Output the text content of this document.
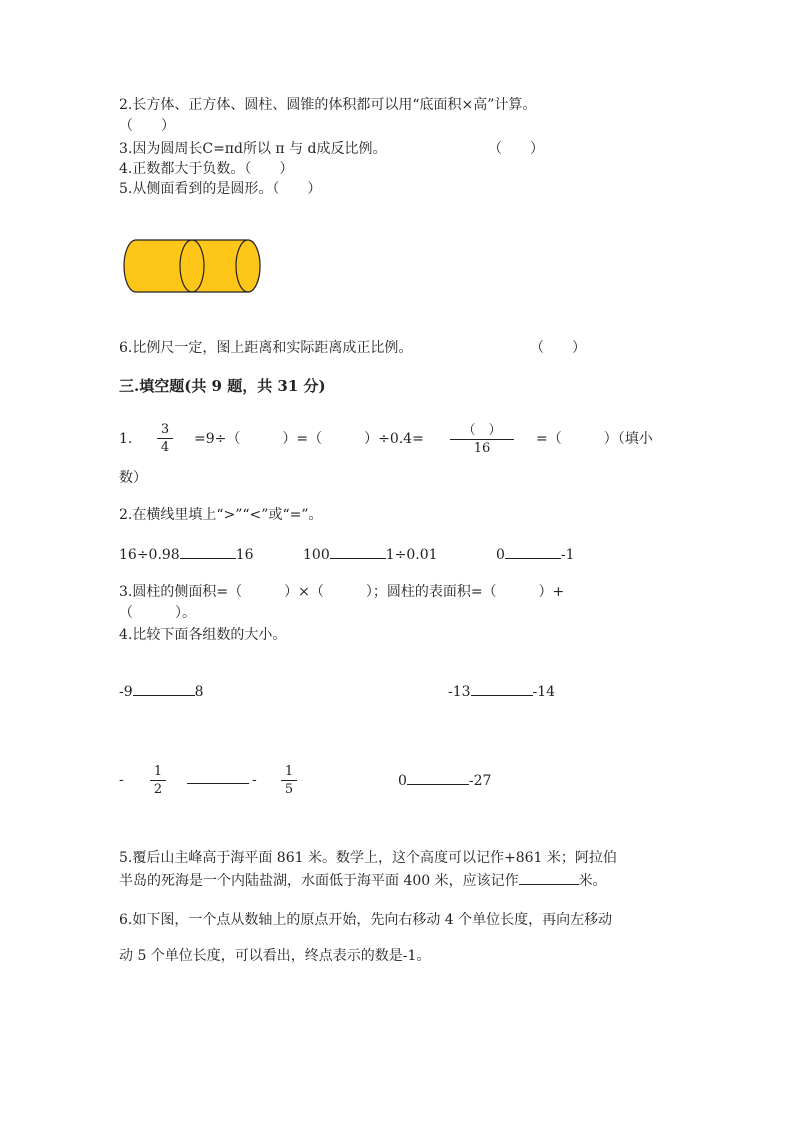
2.长方体、正方体、圆柱、圆锥的体积都可以用“底面积×高”计算。
（　　）
3.因为圆周长C=πd所以 π 与 d成反比例。	（　　）
4.正数都大于负数。（　　）
5.从侧面看到的是圆形。（　　）
6.比例尺一定，图上距离和实际距离成正比例。	（　　）
三.填空题(共 9 题，共 31 分)
1.
3
4
=9÷（　　　）=（　　　）÷0.4=
（　）
16
=（　　　）（填小
数）
2.在横线里填上“>”“<”或“=”。
16÷0.98	16	100	1÷0.01	0	-1
3.圆柱的侧面积=（　　　）×（　　　）；圆柱的表面积=（　　　）+
（　　　）。
4.比较下面各组数的大小。
-9	8	-13	-14
-
1
2
-
1
5
0	-27
5.覆后山主峰高于海平面 861 米。数学上，这个高度可以记作+861 米；阿拉伯
半岛的死海是一个内陆盐湖，水面低于海平面 400 米，应该记作	米。
6.如下图，一个点从数轴上的原点开始，先向右移动 4 个单位长度，再向左移动
动 5 个单位长度，可以看出，终点表示的数是-1。
